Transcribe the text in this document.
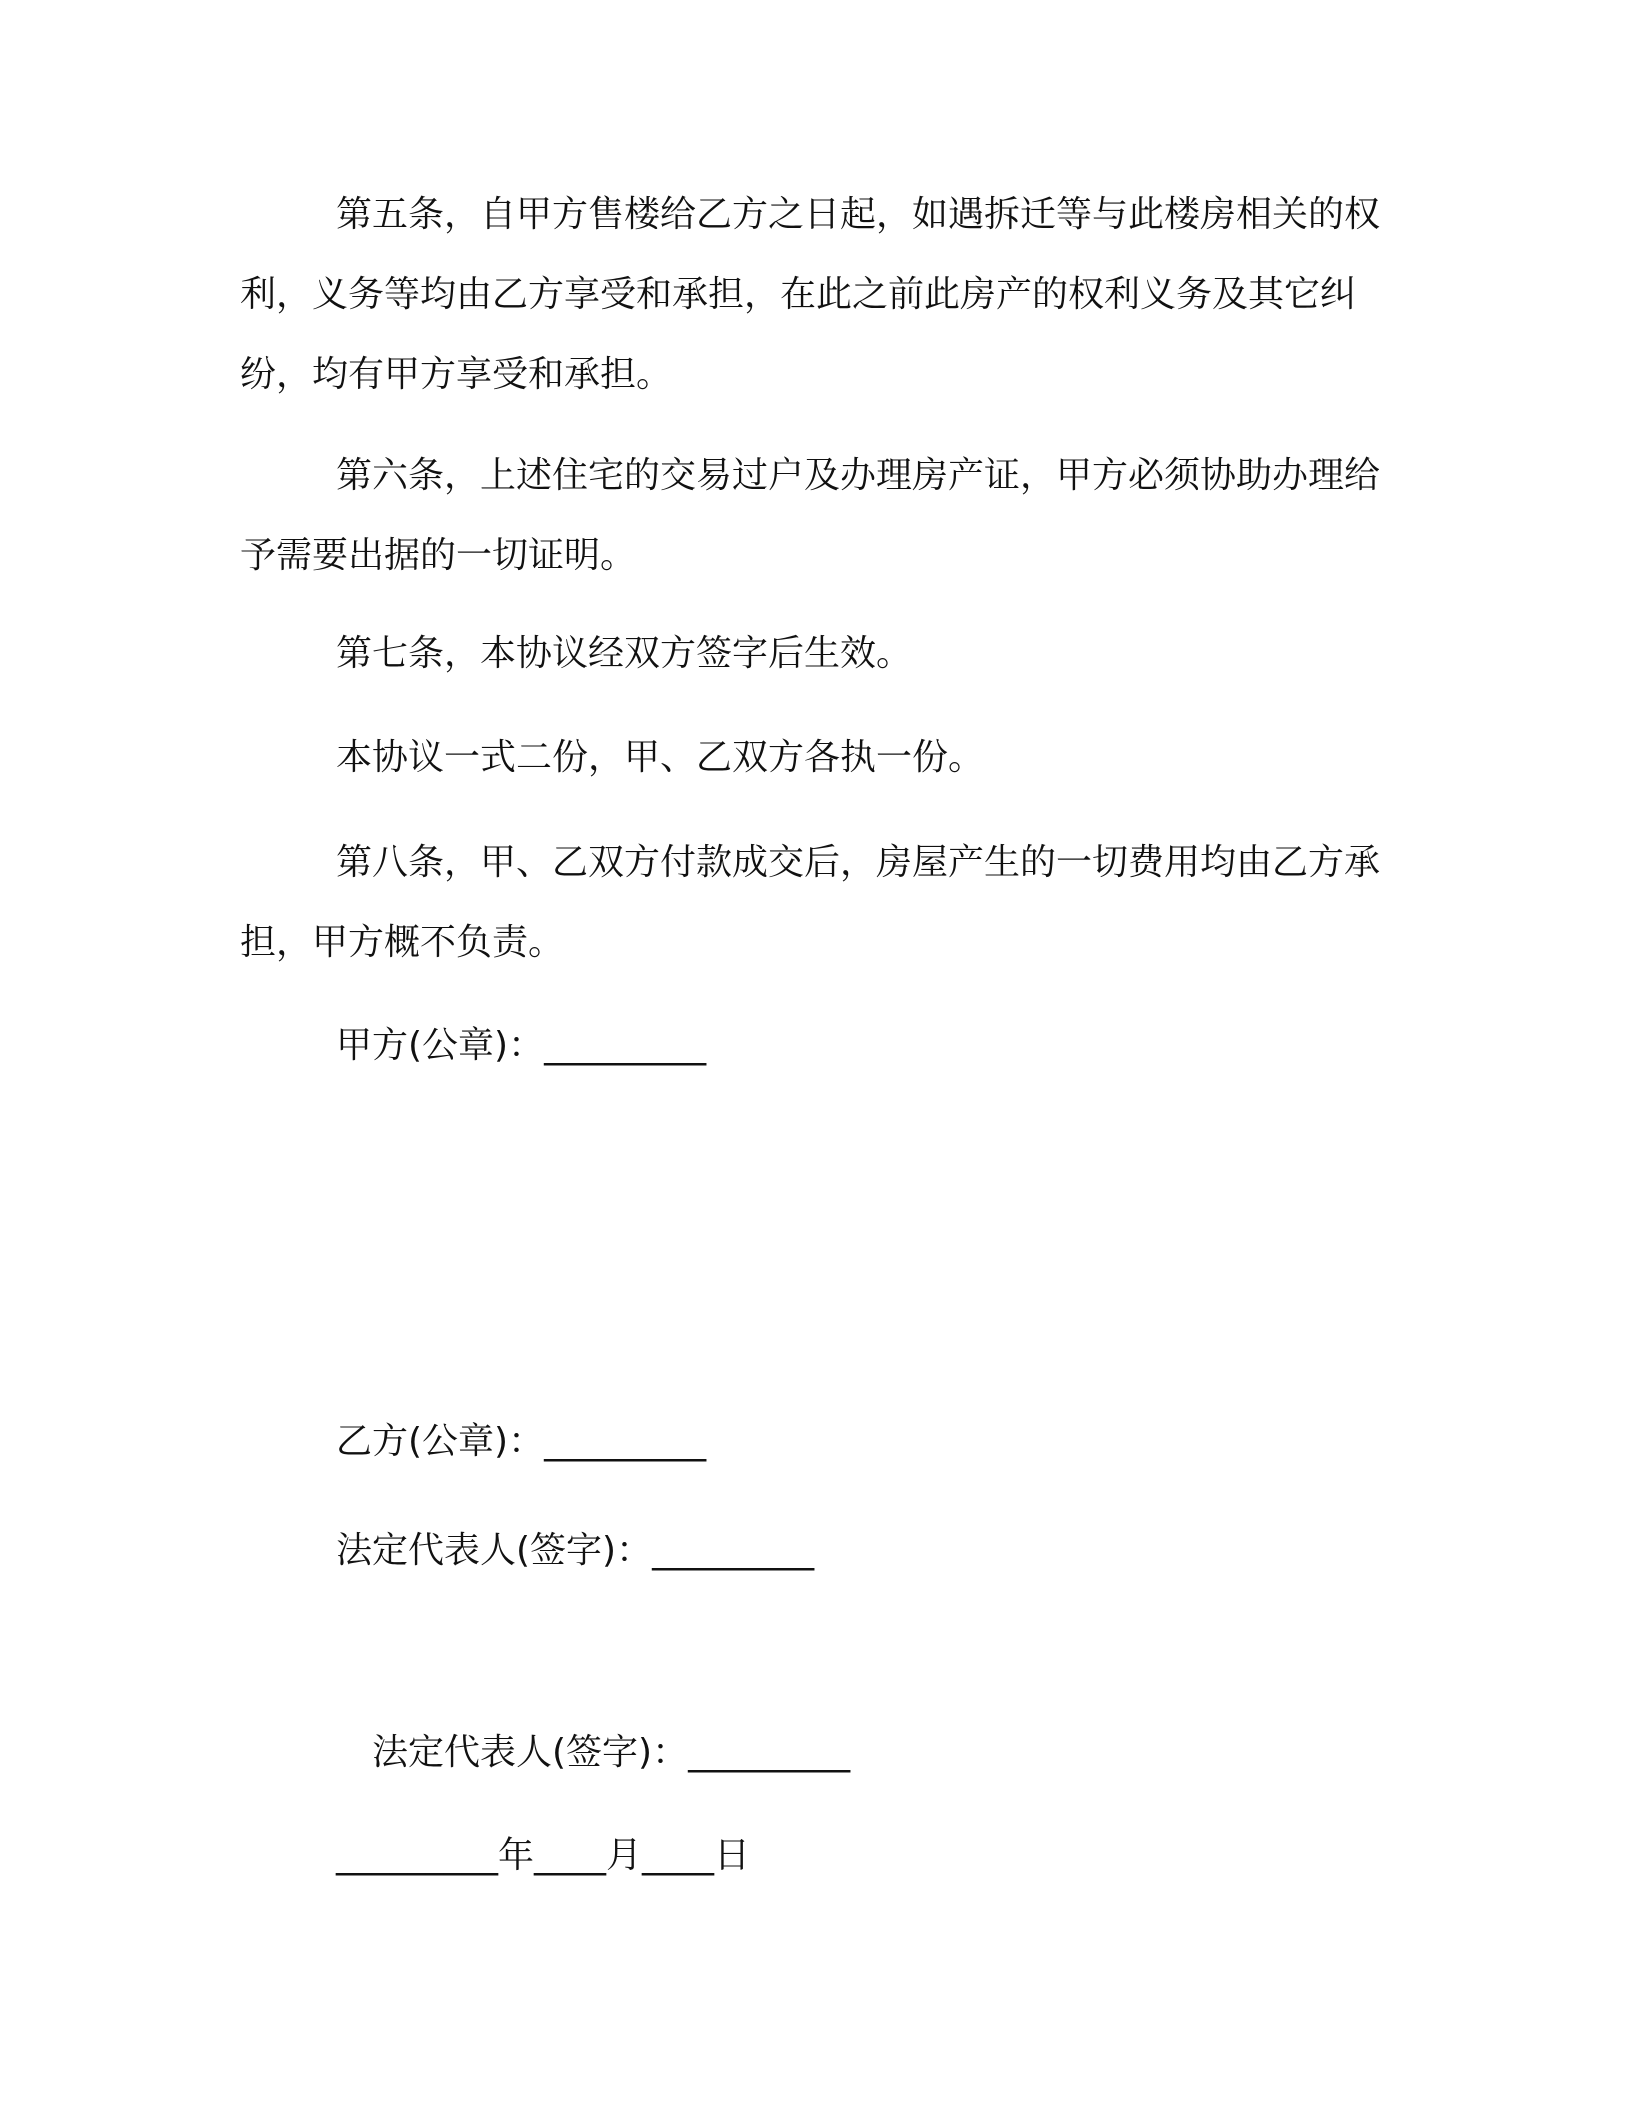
第五条，自甲方售楼给乙方之日起，如遇拆迁等与此楼房相关的权利，义务等均由乙方享受和承担，在此之前此房产的权利义务及其它纠纷，均有甲方享受和承担。

第六条，上述住宅的交易过户及办理房产证，甲方必须协助办理给予需要出据的一切证明。

第七条，本协议经双方签字后生效。

本协议一式二份，甲、乙双方各执一份。

第八条，甲、乙双方付款成交后，房屋产生的一切费用均由乙方承担，甲方概不负责。

甲方(公章)：_________

乙方(公章)：_________

法定代表人(签字)：_________

法定代表人(签字)：_________

_________年____月____日
